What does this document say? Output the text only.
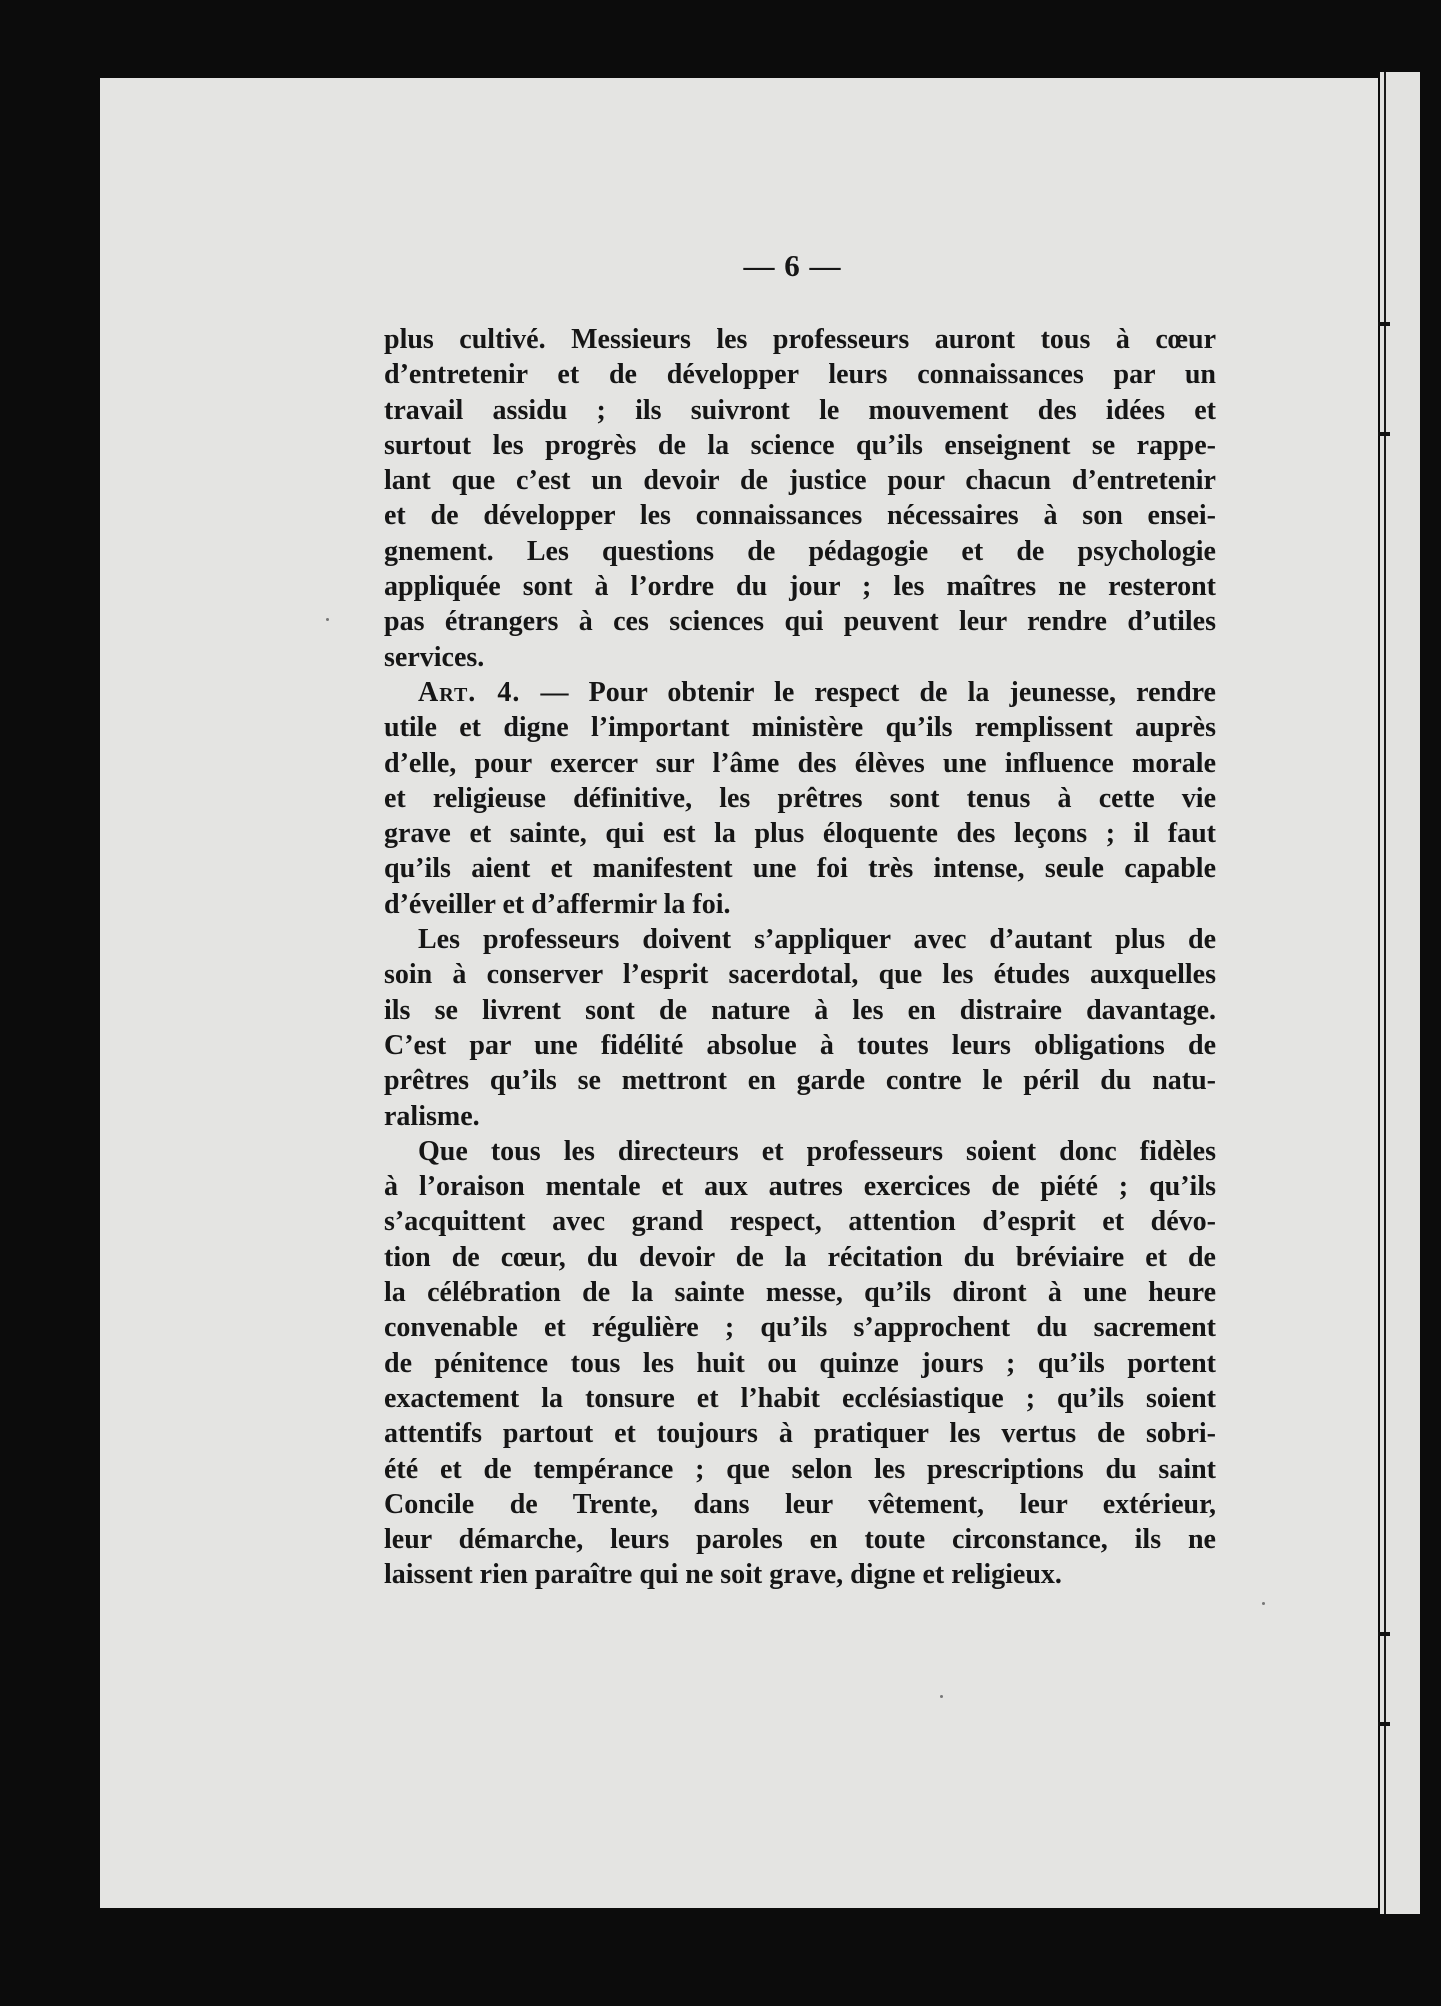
— 6 —

plus cultivé. Messieurs les professeurs auront tous à cœur

d’entretenir et de développer leurs connaissances par un

travail assidu ; ils suivront le mouvement des idées et

surtout les progrès de la science qu’ils enseignent se rappe-

lant que c’est un devoir de justice pour chacun d’entretenir

et de développer les connaissances nécessaires à son ensei-

gnement. Les questions de pédagogie et de psychologie

appliquée sont à l’ordre du jour ; les maîtres ne resteront

pas étrangers à ces sciences qui peuvent leur rendre d’utiles

services.

Art. 4. — Pour obtenir le respect de la jeunesse, rendre

utile et digne l’important ministère qu’ils remplissent auprès

d’elle, pour exercer sur l’âme des élèves une influence morale

et religieuse définitive, les prêtres sont tenus à cette vie

grave et sainte, qui est la plus éloquente des leçons ; il faut

qu’ils aient et manifestent une foi très intense, seule capable

d’éveiller et d’affermir la foi.

Les professeurs doivent s’appliquer avec d’autant plus de

soin à conserver l’esprit sacerdotal, que les études auxquelles

ils se livrent sont de nature à les en distraire davantage.

C’est par une fidélité absolue à toutes leurs obligations de

prêtres qu’ils se mettront en garde contre le péril du natu-

ralisme.

Que tous les directeurs et professeurs soient donc fidèles

à l’oraison mentale et aux autres exercices de piété ; qu’ils

s’acquittent avec grand respect, attention d’esprit et dévo-

tion de cœur, du devoir de la récitation du bréviaire et de

la célébration de la sainte messe, qu’ils diront à une heure

convenable et régulière ; qu’ils s’approchent du sacrement

de pénitence tous les huit ou quinze jours ; qu’ils portent

exactement la tonsure et l’habit ecclésiastique ; qu’ils soient

attentifs partout et toujours à pratiquer les vertus de sobri-

été et de tempérance ; que selon les prescriptions du saint

Concile de Trente, dans leur vêtement, leur extérieur,

leur démarche, leurs paroles en toute circonstance, ils ne

laissent rien paraître qui ne soit grave, digne et religieux.
